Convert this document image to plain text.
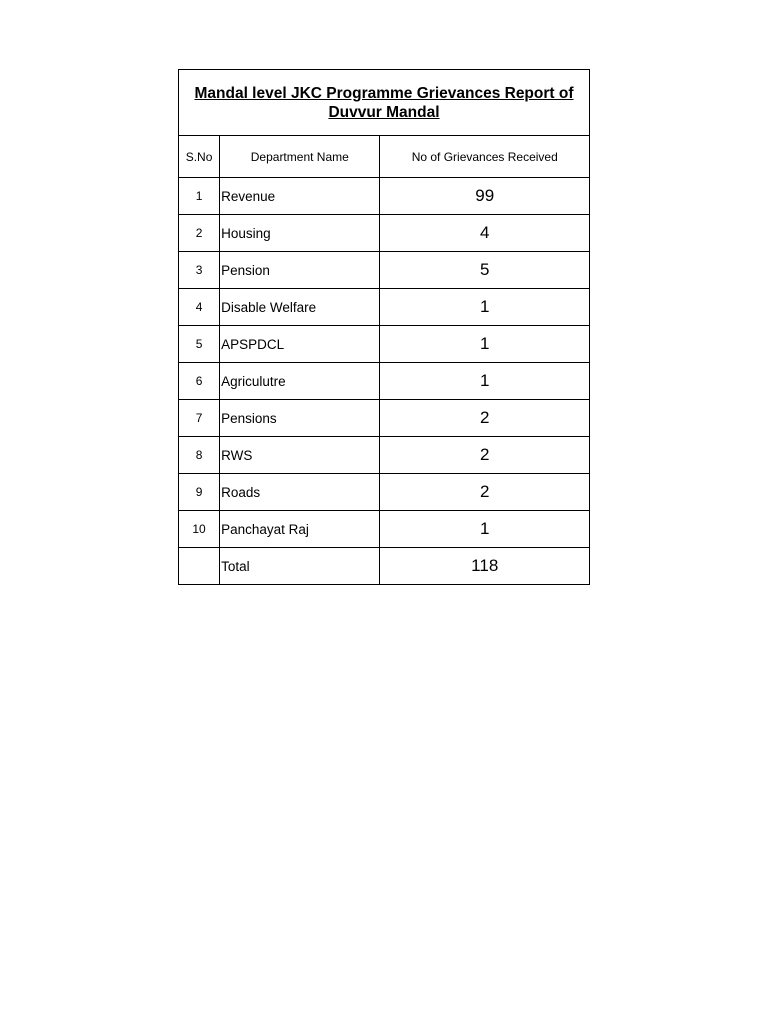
Mandal level JKC Programme Grievances Report of Duvvur Mandal		
S.No	Department Name	No of Grievances Received
1	Revenue	99
2	Housing	4
3	Pension	5
4	Disable Welfare	1
5	APSPDCL	1
6	Agriculutre	1
7	Pensions	2
8	RWS	2
9	Roads	2
10	Panchayat Raj	1
	Total	118
